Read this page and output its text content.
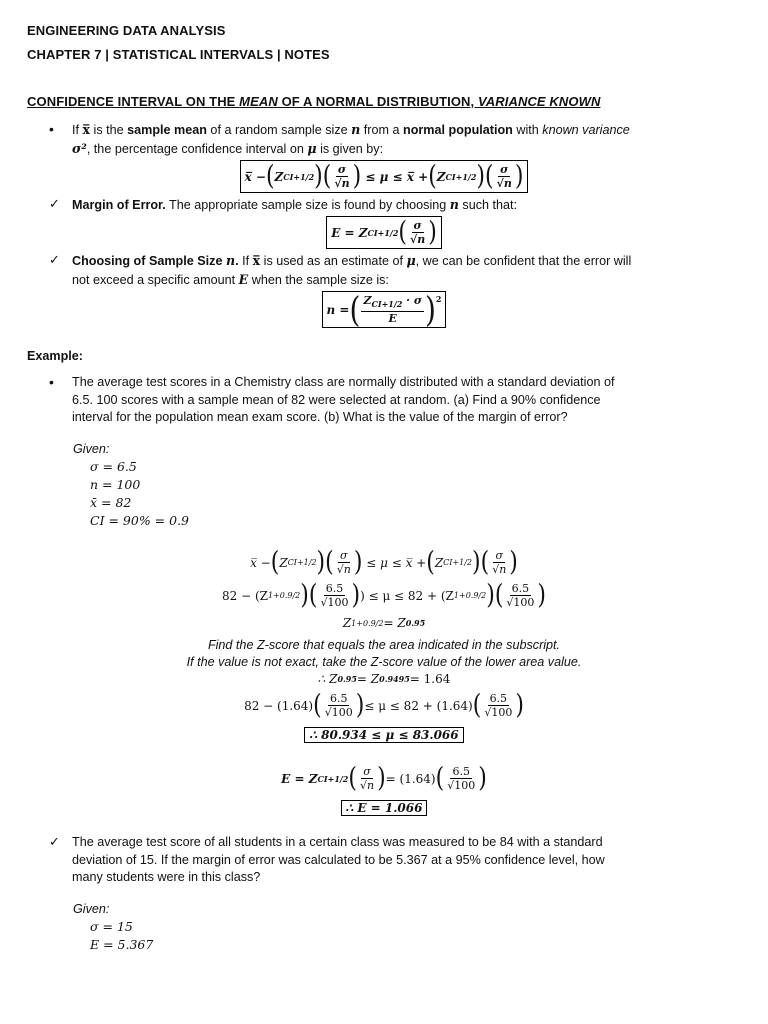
ENGINEERING DATA ANALYSIS
CHAPTER 7 | STATISTICAL INTERVALS | NOTES
CONFIDENCE INTERVAL ON THE MEAN OF A NORMAL DISTRIBUTION, VARIANCE KNOWN
• If x̅ is the sample mean of a random sample size n from a normal population with known variance
σ², the percentage confidence interval on μ is given by:
x̅ − ( Z CI+1/2 ) ( $\frac{\sigma}{√n}$ ) ≤ μ ≤ x̅ + ( Z CI+1/2 ) ( $\frac{\sigma}{√n}$ )
✓ Margin of Error. The appropriate sample size is found by choosing n such that:
E = Z CI+1/2 ( $\frac{\sigma}{√n}$ )
✓ Choosing of Sample Size n. If x̅ is used as an estimate of μ, we can be confident that the error will
not exceed a specific amount E when the sample size is:
n = ( $\frac{Z_{CI+1/2} \cdot \sigma}{E} )^2$
Example:
• The average test scores in a Chemistry class are normally distributed with a standard deviation of
6.5. 100 scores with a sample mean of 82 were selected at random. (a) Find a 90% confidence
interval for the population mean exam score. (b) What is the value of the margin of error?
Given:
σ = 6.5
n = 100
x̄ = 82
CI = 90% = 0.9
x̅ − ( Z CI+1/2 ) ( $\frac{\sigma}{√n}$ ) ≤ μ ≤ x̅ + ( Z CI+1/2 ) ( $\frac{\sigma}{√n}$ )
82 − (Z 1+0.9/2 ) ( $\frac{6.5}{√100}$ ) ) ≤ μ ≤ 82 + (Z 1+0.9/2 ) ( $\frac{6.5}{√100}$ )
Z 1+0.9/2 = Z 0.95
Find the Z-score that equals the area indicated in the subscript.
If the value is not exact, take the Z-score value of the lower area value.
∴ Z 0.95 = Z 0.9495 = 1.64
82 − (1.64) ( $\frac{6.5}{√100}$ ) ≤ μ ≤ 82 + (1.64) ( $\frac{6.5}{√100}$ )
∴ 80.934 ≤ μ ≤ 83.066
E = Z CI+1/2 ( $\frac{\sigma}{√n}$ ) = (1.64) ( $\frac{6.5}{√100}$ )
∴ E = 1.066
✓ The average test score of all students in a certain class was measured to be 84 with a standard
deviation of 15. If the margin of error was calculated to be 5.367 at a 95% confidence level, how
many students were in this class?
Given:
σ = 15
E = 5.367
